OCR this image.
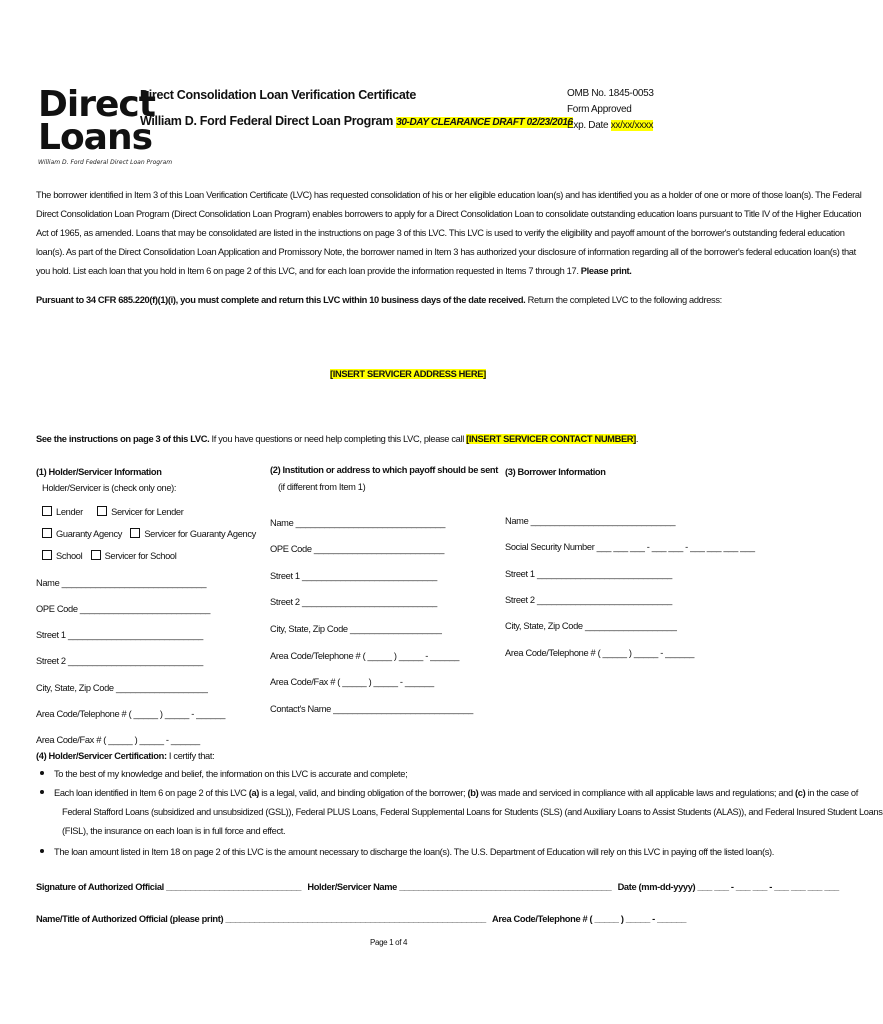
Direct
Loans
William D. Ford Federal Direct Loan Program
Direct Consolidation Loan Verification Certificate
William D. Ford Federal Direct Loan Program 30-DAY CLEARANCE DRAFT 02/23/2016
OMB No. 1845-0053
Form Approved
Exp. Date xx/xx/xxxx
The borrower identified in Item 3 of this Loan Verification Certificate (LVC) has requested consolidation of his or her eligible education loan(s) and has identified you as a holder of one or more of those loan(s). The Federal
Direct Consolidation Loan Program (Direct Consolidation Loan Program) enables borrowers to apply for a Direct Consolidation Loan to consolidate outstanding education loans pursuant to Title IV of the Higher Education
Act of 1965, as amended. Loans that may be consolidated are listed in the instructions on page 3 of this LVC. This LVC is used to verify the eligibility and payoff amount of the borrower's outstanding federal education
loan(s). As part of the Direct Consolidation Loan Application and Promissory Note, the borrower named in Item 3 has authorized your disclosure of information regarding all of the borrower's federal education loan(s) that
you hold. List each loan that you hold in Item 6 on page 2 of this LVC, and for each loan provide the information requested in Items 7 through 17. Please print.
Pursuant to 34 CFR 685.220(f)(1)(i), you must complete and return this LVC within 10 business days of the date received. Return the completed LVC to the following address:
[INSERT SERVICER ADDRESS HERE]
See the instructions on page 3 of this LVC. If you have questions or need help completing this LVC, please call [INSERT SERVICER CONTACT NUMBER].
(1) Holder/Servicer Information
Holder/Servicer is (check only one):
Lender	Servicer for Lender
Guaranty Agency Servicer for Guaranty Agency
School Servicer for School
Name ______________________________
OPE Code ___________________________
Street 1 ____________________________
Street 2 ____________________________
City, State, Zip Code ___________________
Area Code/Telephone # ( _____ ) _____ - ______
Area Code/Fax # ( _____ ) _____ - ______
(2) Institution or address to which payoff should be sent
(if different from Item 1)
Name _______________________________
OPE Code ___________________________
Street 1 ____________________________
Street 2 ____________________________
City, State, Zip Code ___________________
Area Code/Telephone # ( _____ ) _____ - ______
Area Code/Fax # ( _____ ) _____ - ______
Contact's Name _____________________________
(3) Borrower Information
Name ______________________________
Social Security Number ___ ___ ___ - ___ ___ - ___ ___ ___ ___
Street 1 ____________________________
Street 2 ____________________________
City, State, Zip Code ___________________
Area Code/Telephone # ( _____ ) _____ - ______
(4) Holder/Servicer Certification: I certify that:
To the best of my knowledge and belief, the information on this LVC is accurate and complete;
Each loan identified in Item 6 on page 2 of this LVC (a) is a legal, valid, and binding obligation of the borrower; (b) was made and serviced in compliance with all applicable laws and regulations; and (c) in the case of
Federal Stafford Loans (subsidized and unsubsidized (GSL)), Federal PLUS Loans, Federal Supplemental Loans for Students (SLS) (and Auxiliary Loans to Assist Students (ALAS)), and Federal Insured Student Loans
(FISL), the insurance on each loan is in full force and effect.
The loan amount listed in Item 18 on page 2 of this LVC is the amount necessary to discharge the loan(s). The U.S. Department of Education will rely on this LVC in paying off the listed loan(s).
Signature of Authorized Official ____________________________ Holder/Servicer Name ____________________________________________ Date (mm-dd-yyyy) ___ ___ - ___ ___ - ___ ___ ___ ___
Name/Title of Authorized Official (please print) ______________________________________________________ Area Code/Telephone # ( _____ ) _____ - ______
Page 1 of 4
